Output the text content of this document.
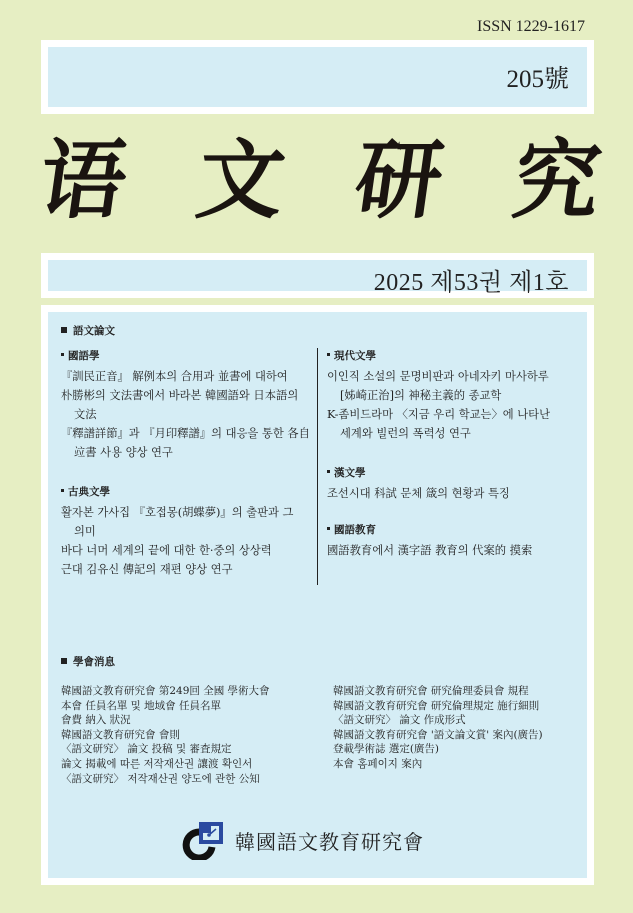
ISSN 1229-1617
205號
语 文 研 究
2025 제53권 제1호
語文論文
國語學
『訓民正音』 解例本의 合用과 並書에 대하여
朴勝彬의 文法書에서 바라본 韓國語와 日本語의
文法
『釋譜詳節』과 『月印釋譜』의 대응을 통한 各自
竝書 사용 양상 연구
古典文學
활자본 가사집 『호접몽(胡蝶夢)』의 출판과 그
의미
바다 너머 세계의 끝에 대한 한·중의 상상력
근대 김유신 傳記의 재편 양상 연구
現代文學
이인직 소설의 문명비판과 아네자키 마사하루
[姊崎正治]의 神秘主義的 종교학
K-좀비드라마 〈지금 우리 학교는〉에 나타난
세계와 빌런의 폭력성 연구
漢文學
조선시대 科試 문체 箴의 현황과 특징
國語教育
國語教育에서 漢字語 教育의 代案的 摸索
學會消息
韓國語文教育研究會 第249回 全國 學術大會
本會 任員名單 및 地域會 任員名單
會費 納入 狀況
韓國語文教育研究會 會則
〈語文研究〉 論文 投稿 및 審査規定
論文 揭載에 따른 저작재산권 讓渡 확인서
〈語文研究〉 저작재산권 양도에 관한 公知
韓國語文教育研究會 研究倫理委員會 規程
韓國語文教育研究會 研究倫理規定 施行細則
〈語文研究〉 論文 作成形式
韓國語文教育研究會 '語文論文賞' 案內(廣告)
登載學術誌 選定(廣告)
本會 홈페이지 案內
韓國語文教育研究會
